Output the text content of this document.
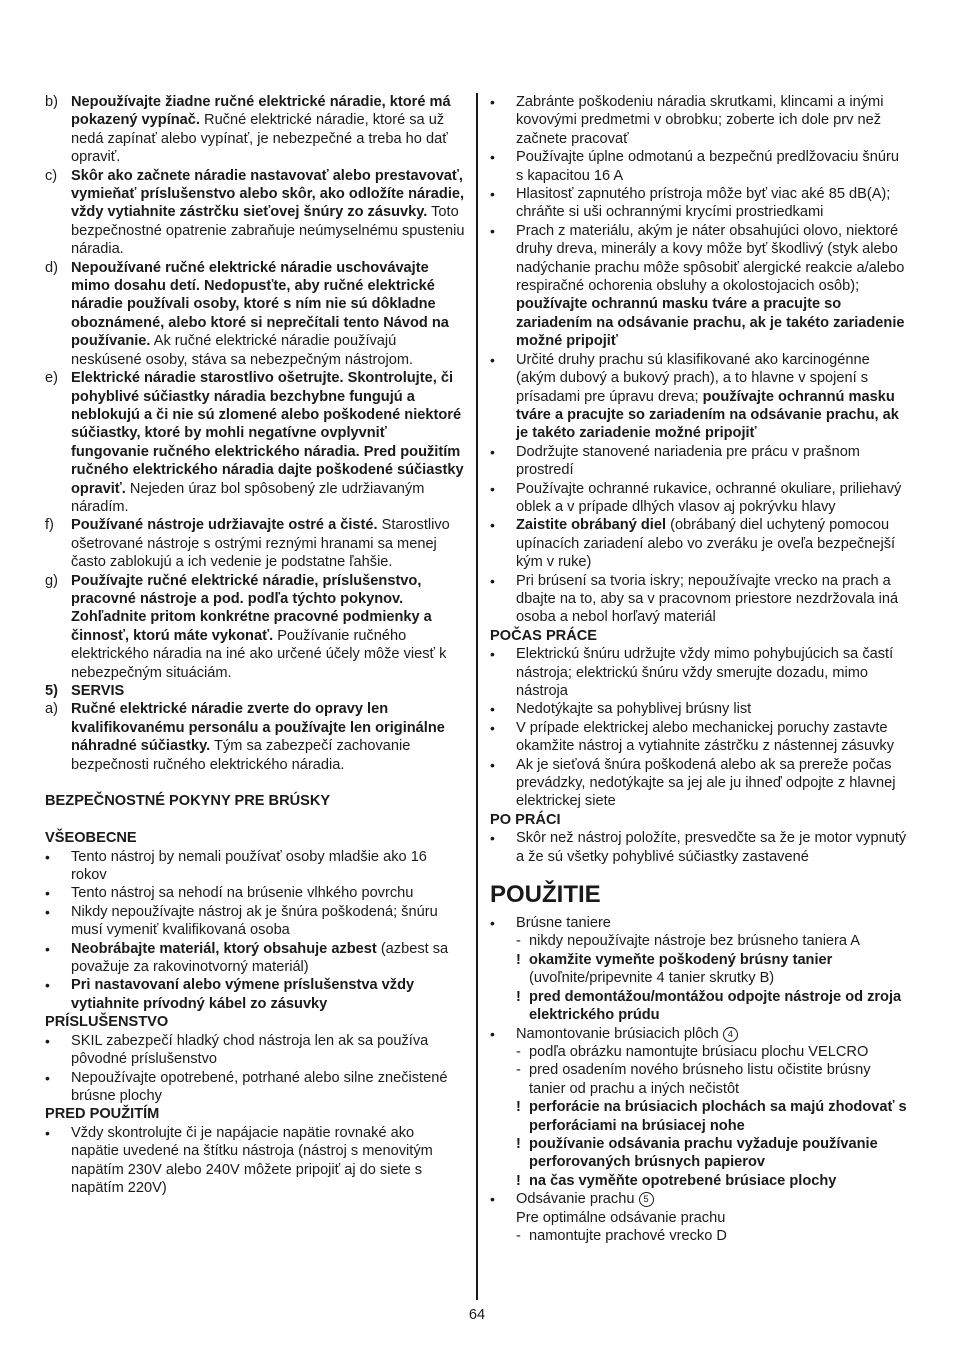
b) Nepoužívajte žiadne ručné elektrické náradie, ktoré má pokazený vypínač. Ručné elektrické náradie, ktoré sa už nedá zapínať alebo vypínať, je nebezpečné a treba ho dať opraviť.
c) Skôr ako začnete náradie nastavovať alebo prestavovať, vymieňať príslušenstvo alebo skôr, ako odložíte náradie, vždy vytiahnite zástrčku sieťovej šnúry zo zásuvky. Toto bezpečnostné opatrenie zabraňuje neúmyselnému spusteniu náradia.
d) Nepoužívané ručné elektrické náradie uschovávajte mimo dosahu detí. Nedopusťte, aby ručné elektrické náradie používali osoby, ktoré s ním nie sú dôkladne oboznámené, alebo ktoré si neprečítali tento Návod na používanie. Ak ručné elektrické náradie používajú neskúsené osoby, stáva sa nebezpečným nástrojom.
e) Elektrické náradie starostlivo ošetrujte. Skontrolujte, či pohyblivé súčiastky náradia bezchybne fungujú a neblokujú a či nie sú zlomené alebo poškodené niektoré súčiastky, ktoré by mohli negatívne ovplyvniť fungovanie ručného elektrického náradia. Pred použitím ručného elektrického náradia dajte poškodené súčiastky opraviť. Nejeden úraz bol spôsobený zle udržiavaným náradím.
f) Používané nástroje udržiavajte ostré a čisté. Starostlivo ošetrované nástroje s ostrými reznými hranami sa menej často zablokujú a ich vedenie je podstatne ľahšie.
g) Používajte ručné elektrické náradie, príslušenstvo, pracovné nástroje a pod. podľa týchto pokynov. Zohľadnite pritom konkrétne pracovné podmienky a činnosť, ktorú máte vykonať. Používanie ručného elektrického náradia na iné ako určené účely môže viesť k nebezpečným situáciám.
5) SERVIS
a) Ručné elektrické náradie zverte do opravy len kvalifikovanému personálu a používajte len originálne náhradné súčiastky. Tým sa zabezpečí zachovanie bezpečnosti ručného elektrického náradia.
BEZPEČNOSTNÉ POKYNY PRE BRÚSKY
VŠEOBECNE
• Tento nástroj by nemali používať osoby mladšie ako 16 rokov
• Tento nástroj sa nehodí na brúsenie vlhkého povrchu
• Nikdy nepoužívajte nástroj ak je šnúra poškodená; šnúru musí vymeniť kvalifikovaná osoba
• Neobrábajte materiál, ktorý obsahuje azbest (azbest sa považuje za rakovinotvorný materiál)
• Pri nastavovaní alebo výmene príslušenstva vždy vytiahnite prívodný kábel zo zásuvky
PRÍSLUŠENSTVO
• SKIL zabezpečí hladký chod nástroja len ak sa používa pôvodné príslušenstvo
• Nepoužívajte opotrebené, potrhané alebo silne znečistené brúsne plochy
PRED POUŽITÍM
• Vždy skontrolujte či je napájacie napätie rovnaké ako napätie uvedené na štítku nástroja (nástroj s menovitým napätím 230V alebo 240V môžete pripojiť aj do siete s napätím 220V)
• Zabránte poškodeniu náradia skrutkami, klincami a inými kovovými predmetmi v obrobku; zoberte ich dole prv než začnete pracovať
• Používajte úplne odmotanú a bezpečnú predlžovaciu šnúru s kapacitou 16 A
• Hlasitosť zapnutého prístroja môže byť viac aké 85 dB(A); chráňte si uši ochrannými krycími prostriedkami
• Prach z materiálu, akým je náter obsahujúci olovo, niektoré druhy dreva, minerály a kovy môže byť škodlivý (styk alebo nadýchanie prachu môže spôsobiť alergické reakcie a/alebo respiračné ochorenia obsluhy a okolostojacich osôb); používajte ochrannú masku tváre a pracujte so zariadením na odsávanie prachu, ak je takéto zariadenie možné pripojiť
• Určité druhy prachu sú klasifikované ako karcinogénne (akým dubový a bukový prach), a to hlavne v spojení s prísadami pre úpravu dreva; používajte ochrannú masku tváre a pracujte so zariadením na odsávanie prachu, ak je takéto zariadenie možné pripojiť
• Dodržujte stanovené nariadenia pre prácu v prašnom prostredí
• Používajte ochranné rukavice, ochranné okuliare, priliehavý oblek a v prípade dlhých vlasov aj pokrývku hlavy
• Zaistite obrábaný diel (obrábaný diel uchytený pomocou upínacích zariadení alebo vo zveráku je oveľa bezpečnejší kým v ruke)
• Pri brúsení sa tvoria iskry; nepoužívajte vrecko na prach a dbajte na to, aby sa v pracovnom priestore nezdržovala iná osoba a nebol horľavý materiál
POČAS PRÁCE
• Elektrickú šnúru udržujte vždy mimo pohybujúcich sa častí nástroja; elektrickú šnúru vždy smerujte dozadu, mimo nástroja
• Nedotýkajte sa pohyblivej brúsny list
• V prípade elektrickej alebo mechanickej poruchy zastavte okamžite nástroj a vytiahnite zástrčku z nástennej zásuvky
• Ak je sieťová šnúra poškodená alebo ak sa prereže počas prevádzky, nedotýkajte sa jej ale ju ihneď odpojte z hlavnej elektrickej siete
PO PRÁCI
• Skôr než nástroj položíte, presvedčte sa že je motor vypnutý a že sú všetky pohyblivé súčiastky zastavené
POUŽITIE
• Brúsne taniere
- nikdy nepoužívajte nástroje bez brúsneho taniera A
! okamžite vymeňte poškodený brúsny tanier
(uvoľnite/pripevnite 4 tanier skrutky B)
! pred demontážou/montážou odpojte nástroje od zroja elektrického prúdu
• Namontovanie brúsiacich plôch 4
- podľa obrázku namontujte brúsiacu plochu VELCRO
- pred osadením nového brúsneho listu očistite brúsny tanier od prachu a iných nečistôt
! perforácie na brúsiacich plochách sa majú zhodovať s perforáciami na brúsiacej nohe
! používanie odsávania prachu vyžaduje používanie perforovaných brúsnych papierov
! na čas vyměňte opotrebené brúsiace plochy
• Odsávanie prachu 5
Pre optimálne odsávanie prachu
- namontujte prachové vrecko D
64
